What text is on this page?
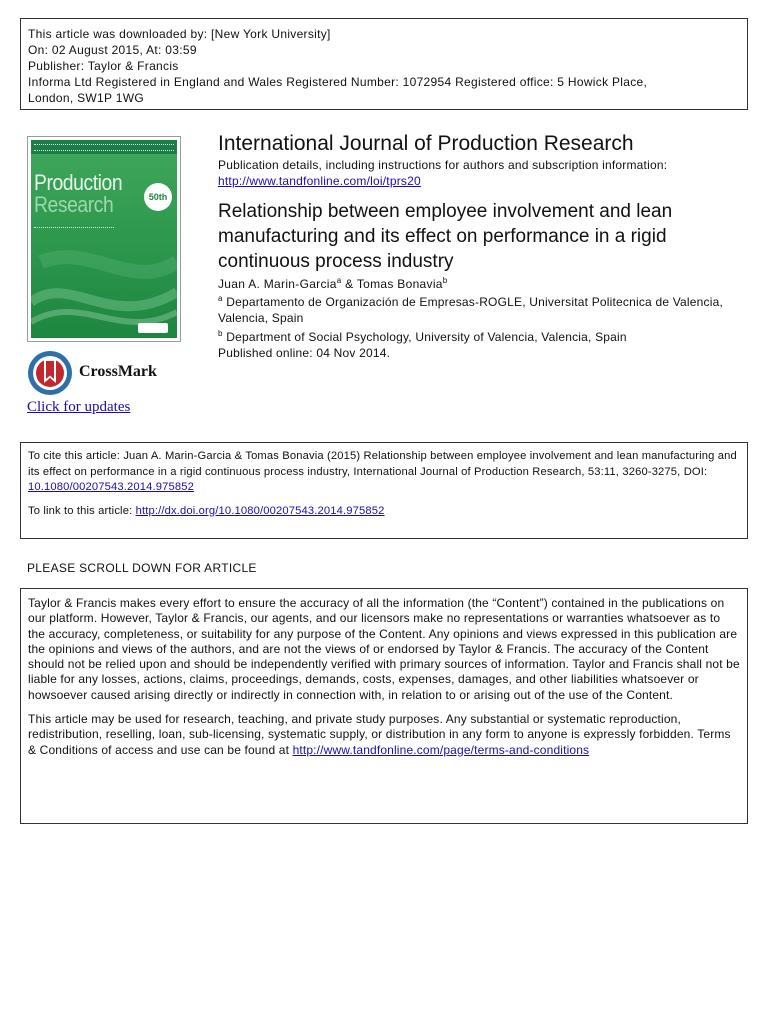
This article was downloaded by: [New York University]
On: 02 August 2015, At: 03:59
Publisher: Taylor & Francis
Informa Ltd Registered in England and Wales Registered Number: 1072954 Registered office: 5 Howick Place,
London, SW1P 1WG
Production
Research	50th
CrossMark
Click for updates
International Journal of Production Research
Publication details, including instructions for authors and subscription information:
http://www.tandfonline.com/loi/tprs20
Relationship between employee involvement and lean manufacturing and its effect on performance in a rigid continuous process industry
Juan A. Marin-Garcia$^a$ & Tomas Bonavia$^b$
$^a$ Departamento de Organización de Empresas-ROGLE, Universitat Politecnica de Valencia, Valencia, Spain
$^b$ Department of Social Psychology, University of Valencia, Valencia, Spain
Published online: 04 Nov 2014.
To cite this article: Juan A. Marin-Garcia & Tomas Bonavia (2015) Relationship between employee involvement and lean manufacturing and its effect on performance in a rigid continuous process industry, International Journal of Production Research, 53:11, 3260-3275, DOI: 10.1080/00207543.2014.975852
To link to this article: http://dx.doi.org/10.1080/00207543.2014.975852
PLEASE SCROLL DOWN FOR ARTICLE
Taylor & Francis makes every effort to ensure the accuracy of all the information (the “Content”) contained in the publications on our platform. However, Taylor & Francis, our agents, and our licensors make no representations or warranties whatsoever as to the accuracy, completeness, or suitability for any purpose of the Content. Any opinions and views expressed in this publication are the opinions and views of the authors, and are not the views of or endorsed by Taylor & Francis. The accuracy of the Content should not be relied upon and should be independently verified with primary sources of information. Taylor and Francis shall not be liable for any losses, actions, claims, proceedings, demands, costs, expenses, damages, and other liabilities whatsoever or howsoever caused arising directly or indirectly in connection with, in relation to or arising out of the use of the Content.
This article may be used for research, teaching, and private study purposes. Any substantial or systematic reproduction, redistribution, reselling, loan, sub-licensing, systematic supply, or distribution in any form to anyone is expressly forbidden. Terms & Conditions of access and use can be found at http://www.tandfonline.com/page/terms-and-conditions
